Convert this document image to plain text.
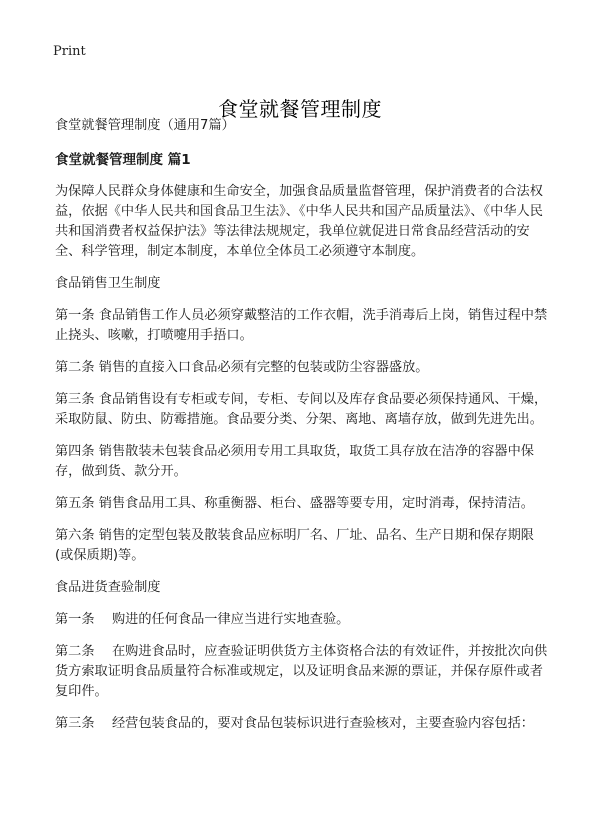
Print
食堂就餐管理制度

食堂就餐管理制度（通用7篇）

食堂就餐管理制度 篇1

为保障人民群众身体健康和生命安全，加强食品质量监督管理，保护消费者的合法权益，依据《中华人民共和国食品卫生法》、《中华人民共和国产品质量法》、《中华人民共和国消费者权益保护法》等法律法规规定，我单位就促进日常食品经营活动的安全、科学管理，制定本制度，本单位全体员工必须遵守本制度。

食品销售卫生制度

第一条 食品销售工作人员必须穿戴整洁的工作衣帽，洗手消毒后上岗，销售过程中禁止挠头、咳嗽，打喷嚏用手捂口。

第二条 销售的直接入口食品必须有完整的包装或防尘容器盛放。

第三条 食品销售设有专柜或专间，专柜、专间以及库存食品要必须保持通风、干燥，采取防鼠、防虫、防霉措施。食品要分类、分架、离地、离墙存放，做到先进先出。

第四条 销售散装未包装食品必须用专用工具取货，取货工具存放在洁净的容器中保存，做到货、款分开。

第五条 销售食品用工具、称重衡器、柜台、盛器等要专用，定时消毒，保持清洁。

第六条 销售的定型包装及散装食品应标明厂名、厂址、品名、生产日期和保存期限(或保质期)等。

食品进货查验制度

第一条　 购进的任何食品一律应当进行实地查验。

第二条　 在购进食品时，应查验证明供货方主体资格合法的有效证件，并按批次向供货方索取证明食品质量符合标准或规定，以及证明食品来源的票证，并保存原件或者复印件。

第三条　 经营包装食品的，要对食品包装标识进行查验核对，主要查验内容包括：
